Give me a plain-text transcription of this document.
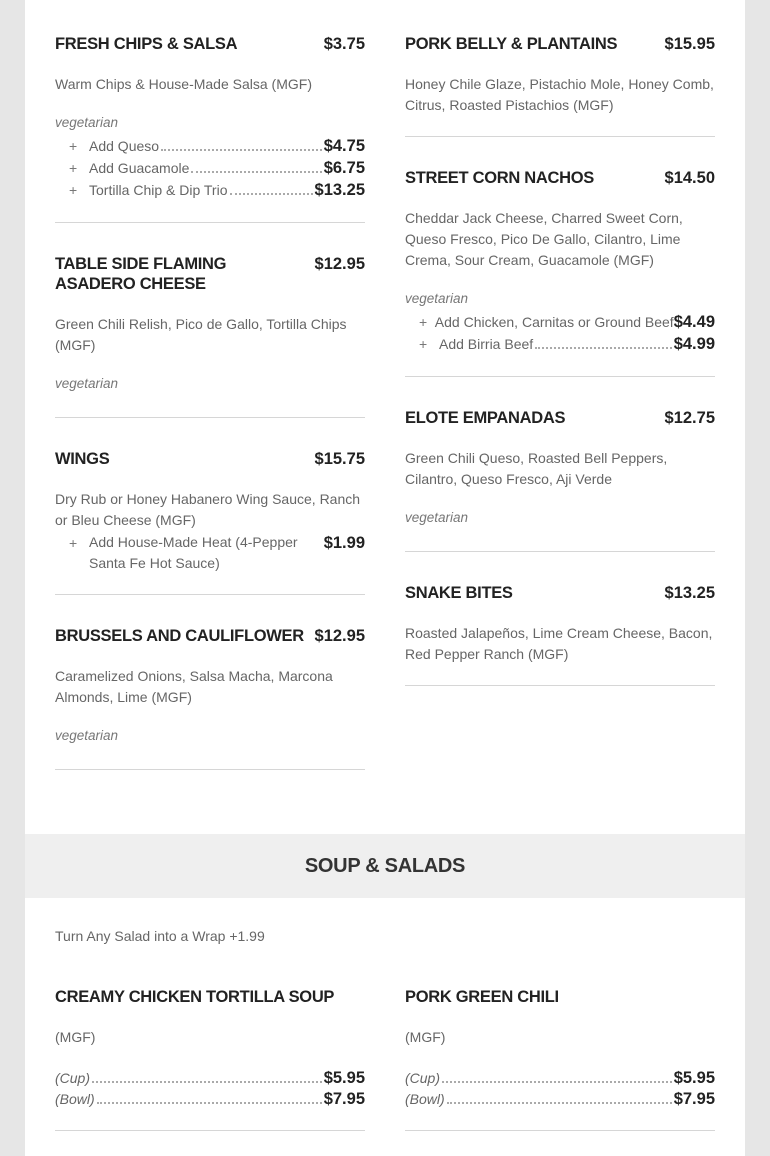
FRESH CHIPS & SALSA	$3.75
Warm Chips & House-Made Salsa (MGF)
vegetarian
+ Add Queso	$4.75
+ Add Guacamole	$6.75
+ Tortilla Chip & Dip Trio	$13.25
TABLE SIDE FLAMING ASADERO CHEESE
$12.95
Green Chili Relish, Pico de Gallo, Tortilla Chips (MGF)
vegetarian
WINGS	$15.75
Dry Rub or Honey Habanero Wing Sauce, Ranch or Bleu Cheese (MGF)
+ Add House-Made Heat (4-Pepper Santa Fe Hot Sauce)
$1.99
BRUSSELS AND CAULIFLOWER $12.95
Caramelized Onions, Salsa Macha, Marcona Almonds, Lime (MGF)
vegetarian
PORK BELLY & PLANTAINS	$15.95
Honey Chile Glaze, Pistachio Mole, Honey Comb, Citrus, Roasted Pistachios (MGF)
STREET CORN NACHOS	$14.50
Cheddar Jack Cheese, Charred Sweet Corn, Queso Fresco, Pico De Gallo, Cilantro, Lime Crema, Sour Cream, Guacamole (MGF)
vegetarian
+ Add Chicken, Carnitas or Ground Beef $4.49
+ Add Birria Beef	$4.99
ELOTE EMPANADAS	$12.75
Green Chili Queso, Roasted Bell Peppers, Cilantro, Queso Fresco, Aji Verde
vegetarian
SNAKE BITES	$13.25
Roasted Jalapeños, Lime Cream Cheese, Bacon, Red Pepper Ranch (MGF)
SOUP & SALADS
Turn Any Salad into a Wrap +1.99
CREAMY CHICKEN TORTILLA SOUP
(MGF)
(Cup)	$5.95
(Bowl)	$7.95
PORK GREEN CHILI
(MGF)
(Cup)	$5.95
(Bowl)	$7.95
